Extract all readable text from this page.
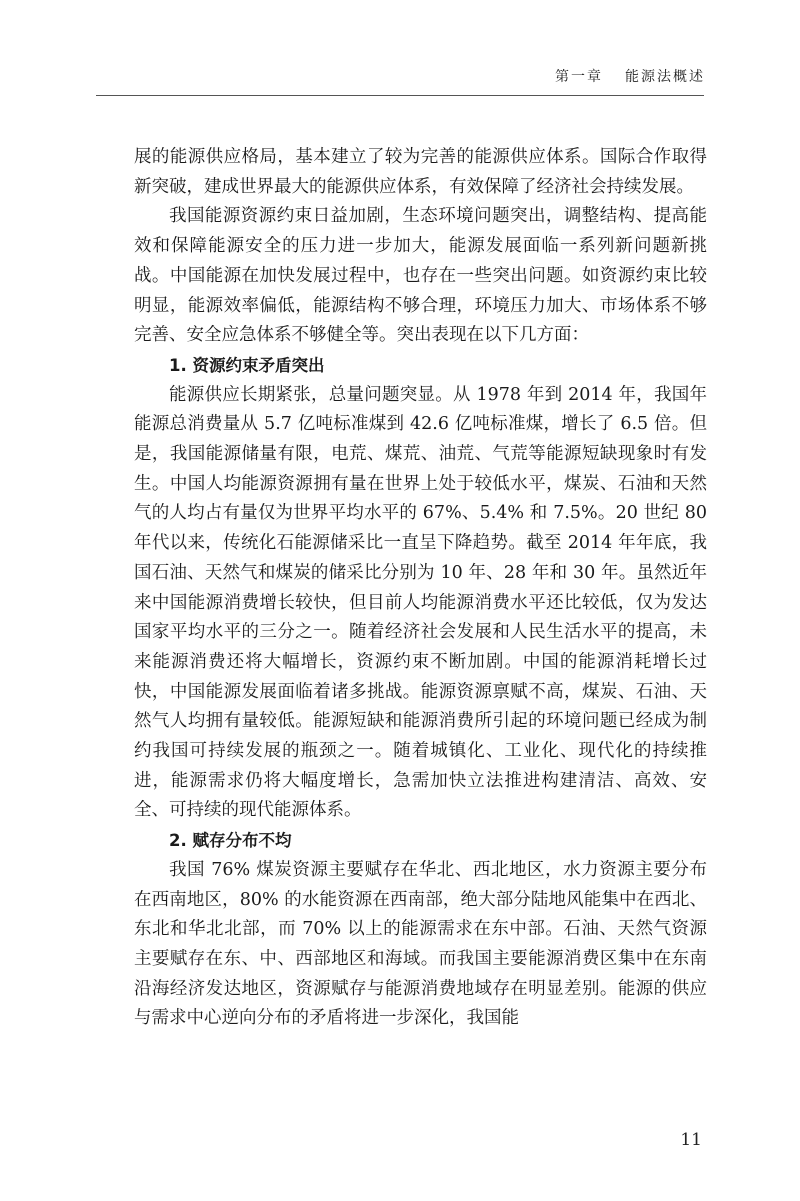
第一章 能源法概述

展的能源供应格局，基本建立了较为完善的能源供应体系。国际合作取得新突破，建成世界最大的能源供应体系，有效保障了经济社会持续发展。

我国能源资源约束日益加剧，生态环境问题突出，调整结构、提高能效和保障能源安全的压力进一步加大，能源发展面临一系列新问题新挑战。中国能源在加快发展过程中，也存在一些突出问题。如资源约束比较明显，能源效率偏低，能源结构不够合理，环境压力加大、市场体系不够完善、安全应急体系不够健全等。突出表现在以下几方面：

1. 资源约束矛盾突出

能源供应长期紧张，总量问题突显。从 1978 年到 2014 年，我国年能源总消费量从 5.7 亿吨标准煤到 42.6 亿吨标准煤，增长了 6.5 倍。但是，我国能源储量有限，电荒、煤荒、油荒、气荒等能源短缺现象时有发生。中国人均能源资源拥有量在世界上处于较低水平，煤炭、石油和天然气的人均占有量仅为世界平均水平的 67%、5.4% 和 7.5%。20 世纪 80 年代以来，传统化石能源储采比一直呈下降趋势。截至 2014 年年底，我国石油、天然气和煤炭的储采比分别为 10 年、28 年和 30 年。虽然近年来中国能源消费增长较快，但目前人均能源消费水平还比较低，仅为发达国家平均水平的三分之一。随着经济社会发展和人民生活水平的提高，未来能源消费还将大幅增长，资源约束不断加剧。中国的能源消耗增长过快，中国能源发展面临着诸多挑战。能源资源禀赋不高，煤炭、石油、天然气人均拥有量较低。能源短缺和能源消费所引起的环境问题已经成为制约我国可持续发展的瓶颈之一。随着城镇化、工业化、现代化的持续推进，能源需求仍将大幅度增长，急需加快立法推进构建清洁、高效、安全、可持续的现代能源体系。

2. 赋存分布不均

我国 76% 煤炭资源主要赋存在华北、西北地区，水力资源主要分布在西南地区，80% 的水能资源在西南部，绝大部分陆地风能集中在西北、东北和华北北部，而 70% 以上的能源需求在东中部。石油、天然气资源主要赋存在东、中、西部地区和海域。而我国主要能源消费区集中在东南沿海经济发达地区，资源赋存与能源消费地域存在明显差别。能源的供应与需求中心逆向分布的矛盾将进一步深化，我国能

11
